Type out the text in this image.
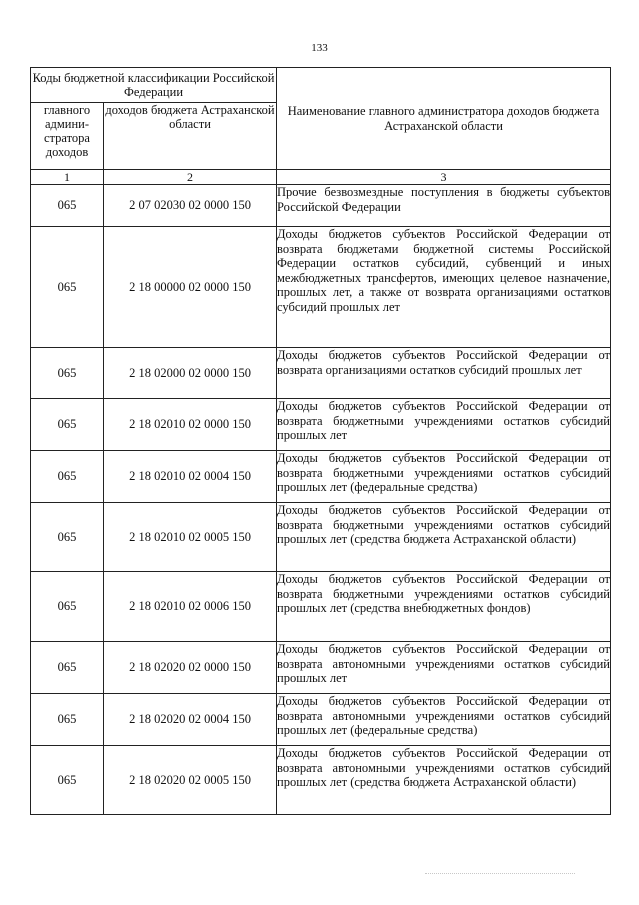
133
Коды бюджетной классификации Российской Федерации		Наименование главного администратора доходов бюджета Астраханской области
главного админи-стратора доходов	доходов бюджета Астраханской области	
1	2	3
065	2 07 02030 02 0000 150	Прочие безвозмездные поступления в бюджеты субъектов Российской Федерации
065	2 18 00000 02 0000 150	Доходы бюджетов субъектов Российской Федерации от возврата бюджетами бюджетной системы Российской Федерации остатков субсидий, субвенций и иных межбюджетных трансфертов, имеющих целевое назначение, прошлых лет, а также от возврата организациями остатков субсидий прошлых лет
065	2 18 02000 02 0000 150	Доходы бюджетов субъектов Российской Федерации от возврата организациями остатков субсидий прошлых лет
065	2 18 02010 02 0000 150	Доходы бюджетов субъектов Российской Федерации от возврата бюджетными учреждениями остатков субсидий прошлых лет
065	2 18 02010 02 0004 150	Доходы бюджетов субъектов Российской Федерации от возврата бюджетными учреждениями остатков субсидий прошлых лет (федеральные средства)
065	2 18 02010 02 0005 150	Доходы бюджетов субъектов Российской Федерации от возврата бюджетными учреждениями остатков субсидий прошлых лет (средства бюджета Астраханской области)
065	2 18 02010 02 0006 150	Доходы бюджетов субъектов Российской Федерации от возврата бюджетными учреждениями остатков субсидий прошлых лет (средства внебюджетных фондов)
065	2 18 02020 02 0000 150	Доходы бюджетов субъектов Российской Федерации от возврата автономными учреждениями остатков субсидий прошлых лет
065	2 18 02020 02 0004 150	Доходы бюджетов субъектов Российской Федерации от возврата автономными учреждениями остатков субсидий прошлых лет (федеральные средства)
065	2 18 02020 02 0005 150	Доходы бюджетов субъектов Российской Федерации от возврата автономными учреждениями остатков субсидий прошлых лет (средства бюджета Астраханской области)
